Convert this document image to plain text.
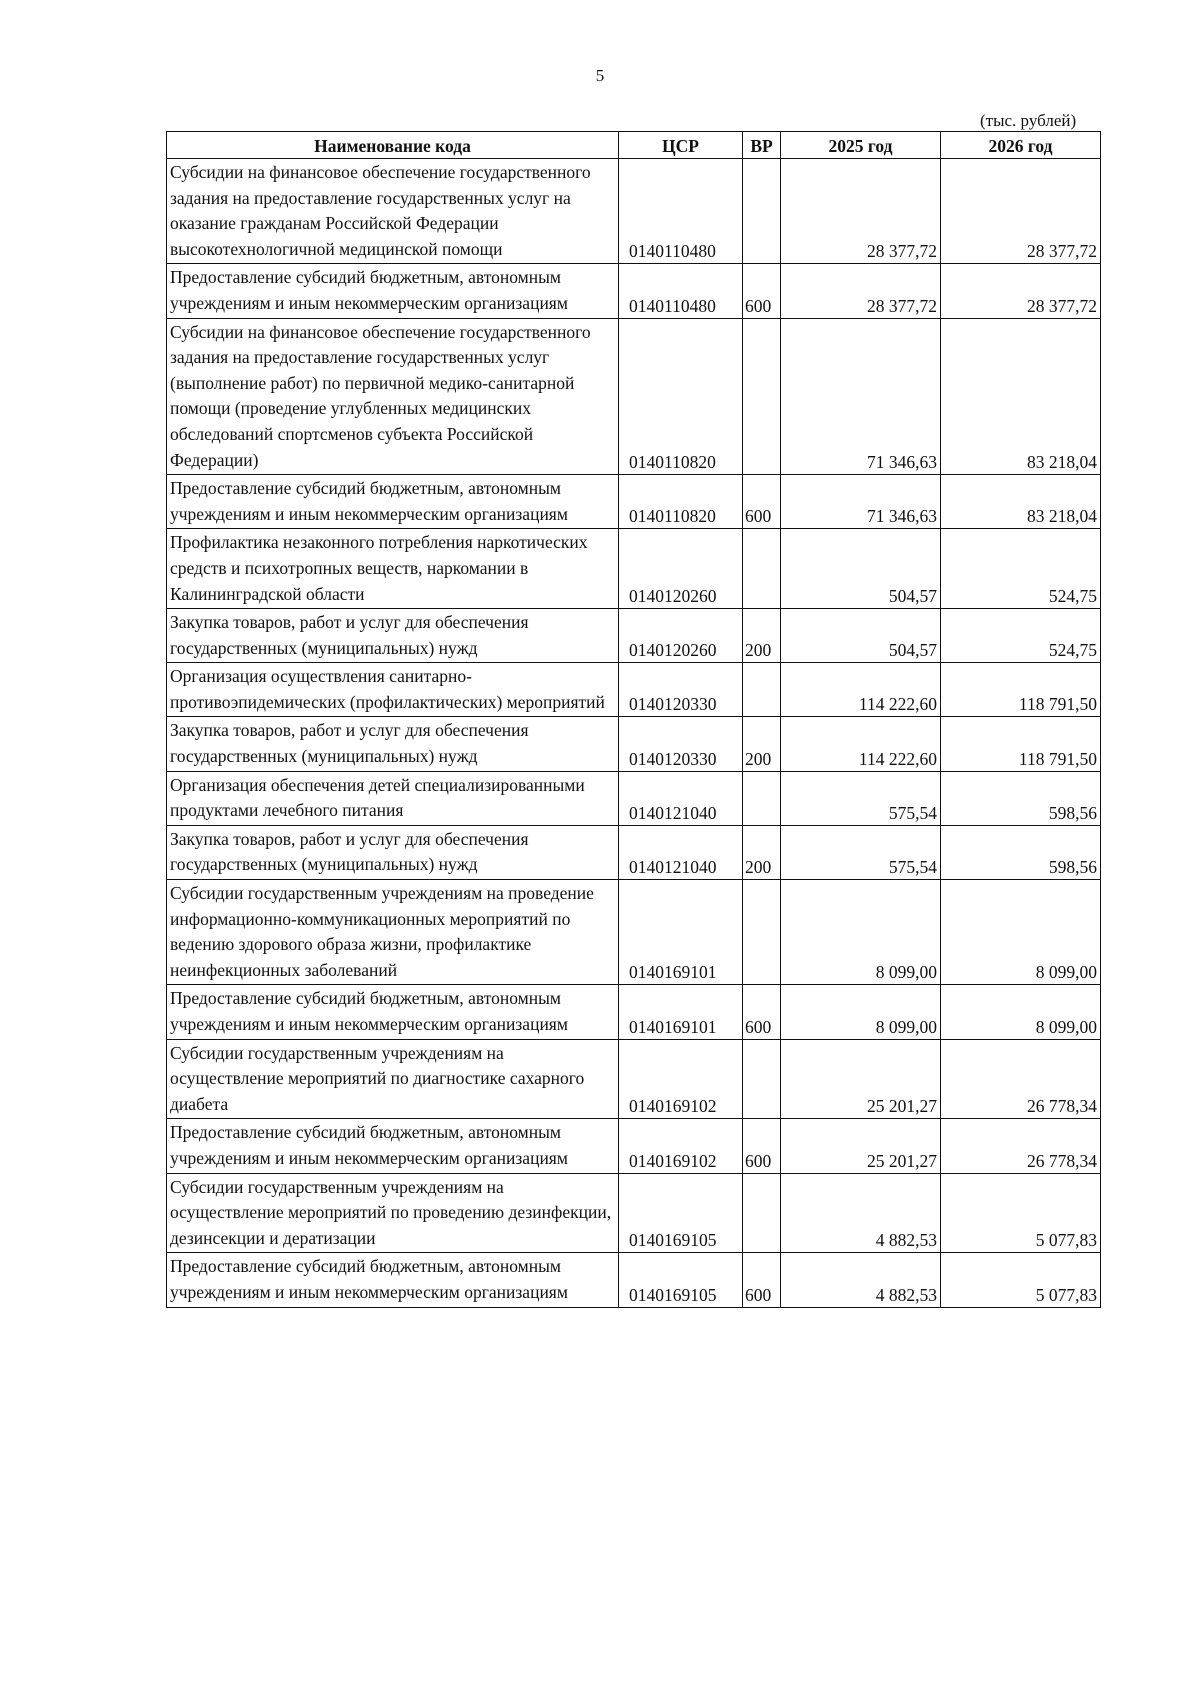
5
(тыс. рублей)
Наименование кода	ЦСР	ВР	2025 год	2026 год
Субсидии на финансовое обеспечение государственного задания на предоставление государственных услуг на оказание гражданам Российской Федерации высокотехнологичной медицинской помощи	0140110480		28 377,72	28 377,72
Предоставление субсидий бюджетным, автономным учреждениям и иным некоммерческим организациям	0140110480	600	28 377,72	28 377,72
Субсидии на финансовое обеспечение государственного задания на предоставление государственных услуг (выполнение работ) по первичной медико-санитарной помощи (проведение углубленных медицинских обследований спортсменов субъекта Российской Федерации)	0140110820		71 346,63	83 218,04
Предоставление субсидий бюджетным, автономным учреждениям и иным некоммерческим организациям	0140110820	600	71 346,63	83 218,04
Профилактика незаконного потребления наркотических средств и психотропных веществ, наркомании в Калининградской области	0140120260		504,57	524,75
Закупка товаров, работ и услуг для обеспечения государственных (муниципальных) нужд	0140120260	200	504,57	524,75
Организация осуществления санитарно-противоэпидемических (профилактических) мероприятий	0140120330		114 222,60	118 791,50
Закупка товаров, работ и услуг для обеспечения государственных (муниципальных) нужд	0140120330	200	114 222,60	118 791,50
Организация обеспечения детей специализированными продуктами лечебного питания	0140121040		575,54	598,56
Закупка товаров, работ и услуг для обеспечения государственных (муниципальных) нужд	0140121040	200	575,54	598,56
Субсидии государственным учреждениям на проведение информационно-коммуникационных мероприятий по ведению здорового образа жизни, профилактике неинфекционных заболеваний	0140169101		8 099,00	8 099,00
Предоставление субсидий бюджетным, автономным учреждениям и иным некоммерческим организациям	0140169101	600	8 099,00	8 099,00
Субсидии государственным учреждениям на осуществление мероприятий по диагностике сахарного диабета	0140169102		25 201,27	26 778,34
Предоставление субсидий бюджетным, автономным учреждениям и иным некоммерческим организациям	0140169102	600	25 201,27	26 778,34
Субсидии государственным учреждениям на осуществление мероприятий по проведению дезинфекции, дезинсекции и дератизации	0140169105		4 882,53	5 077,83
Предоставление субсидий бюджетным, автономным учреждениям и иным некоммерческим организациям	0140169105	600	4 882,53	5 077,83
